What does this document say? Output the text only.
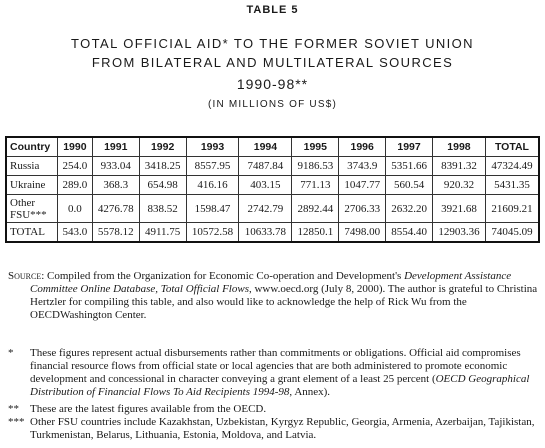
TABLE 5
TOTAL OFFICIAL AID* TO THE FORMER SOVIET UNION
FROM BILATERAL AND MULTILATERAL SOURCES
1990-98**
(IN MILLIONS OF US$)
Country	1990	1991	1992	1993	1994	1995	1996	1997	1998	TOTAL
Russia	254.0	933.04	3418.25	8557.95	7487.84	9186.53	3743.9	5351.66	8391.32	47324.49
Ukraine	289.0	368.3	654.98	416.16	403.15	771.13	1047.77	560.54	920.32	5431.35
Other
FSU***	0.0	4276.78	838.52	1598.47	2742.79	2892.44	2706.33	2632.20	3921.68	21609.21
TOTAL	543.0	5578.12	4911.75	10572.58	10633.78	12850.1	7498.00	8554.40	12903.36	74045.09
Source: Compiled from the Organization for Economic Co-operation and Development's Development Assistance Committee Online Database, Total Official Flows, www.oecd.org (July 8, 2000). The author is grateful to Christina Hertzler for compiling this table, and also would like to acknowledge the help of Rick Wu from the OECDWashington Center.
* These figures represent actual disbursements rather than commitments or obligations. Official aid compromises financial resource flows from official state or local agencies that are both administered to promote economic development and concessional in character conveying a grant element of a least 25 percent (OECD Geographical Distribution of Financial Flows To Aid Recipients 1994-98, Annex).
** These are the latest figures available from the OECD.
*** Other FSU countries include Kazakhstan, Uzbekistan, Kyrgyz Republic, Georgia, Armenia, Azerbaijan, Tajikistan, Turkmenistan, Belarus, Lithuania, Estonia, Moldova, and Latvia.
